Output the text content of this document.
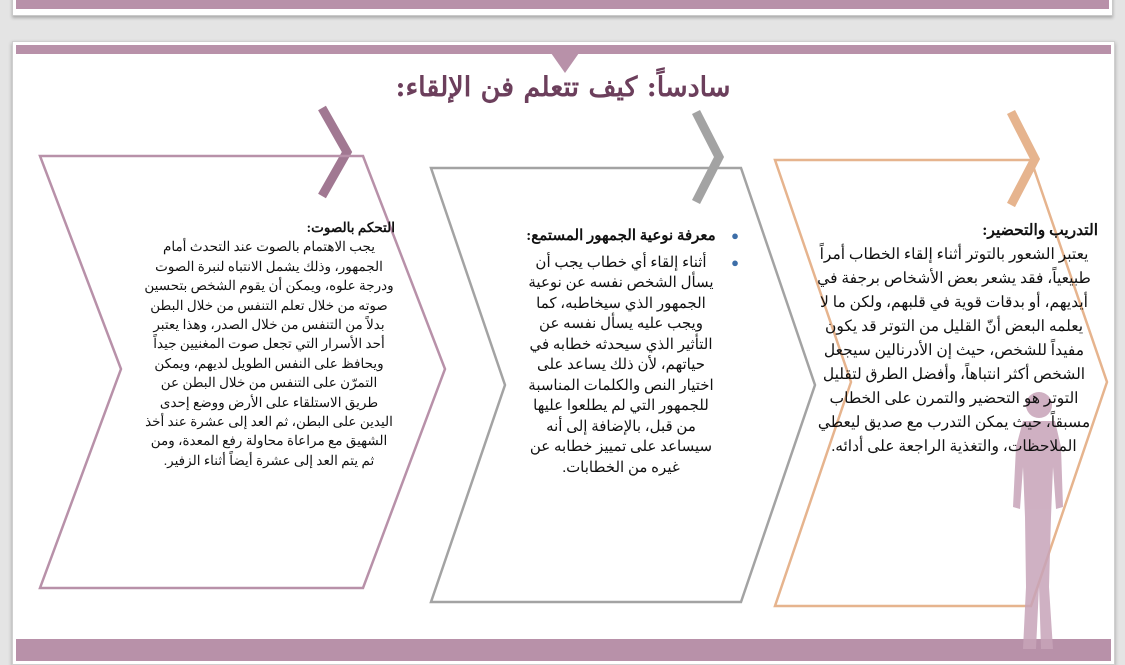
سادساً: كيف تتعلم فن الإلقاء:
التدريب والتحضير:
يعتبر الشعور بالتوتر أثناء إلقاء الخطاب أمراً طبيعياً، فقد يشعر بعض الأشخاص برجفة في أيديهم، أو بدقات قوية في قلبهم، ولكن ما لا يعلمه البعض أنّ القليل من التوتر قد يكون مفيداً للشخص، حيث إن الأدرنالين سيجعل الشخص أكثر انتباهاً، وأفضل الطرق لتقليل التوتر هو التحضير والتمرن على الخطاب مسبقاً، حيث يمكن التدرب مع صديق ليعطي الملاحظات، والتغذية الراجعة على أدائه.
●
معرفة نوعية الجمهور المستمع:
●
أثناء إلقاء أي خطاب يجب أن يسأل الشخص نفسه عن نوعية الجمهور الذي سيخاطبه، كما ويجب عليه يسأل نفسه عن التأثير الذي سيحدثه خطابه في حياتهم، لأن ذلك يساعد على اختيار النص والكلمات المناسبة للجمهور التي لم يطلعوا عليها من قبل، بالإضافة إلى أنه سيساعد على تمييز خطابه عن غيره من الخطابات.
التحكم بالصوت:
يجب الاهتمام بالصوت عند التحدث أمام الجمهور، وذلك يشمل الانتباه لنبرة الصوت ودرجة علوه، ويمكن أن يقوم الشخص بتحسين صوته من خلال تعلم التنفس من خلال البطن بدلاً من التنفس من خلال الصدر، وهذا يعتبر أحد الأسرار التي تجعل صوت المغنيين جيداً ويحافظ على النفس الطويل لديهم، ويمكن التمرّن على التنفس من خلال البطن عن طريق الاستلقاء على الأرض ووضع إحدى اليدين على البطن، ثم العد إلى عشرة عند أخذ الشهيق مع مراعاة محاولة رفع المعدة، ومن ثم يتم العد إلى عشرة أيضاً أثناء الزفير.
